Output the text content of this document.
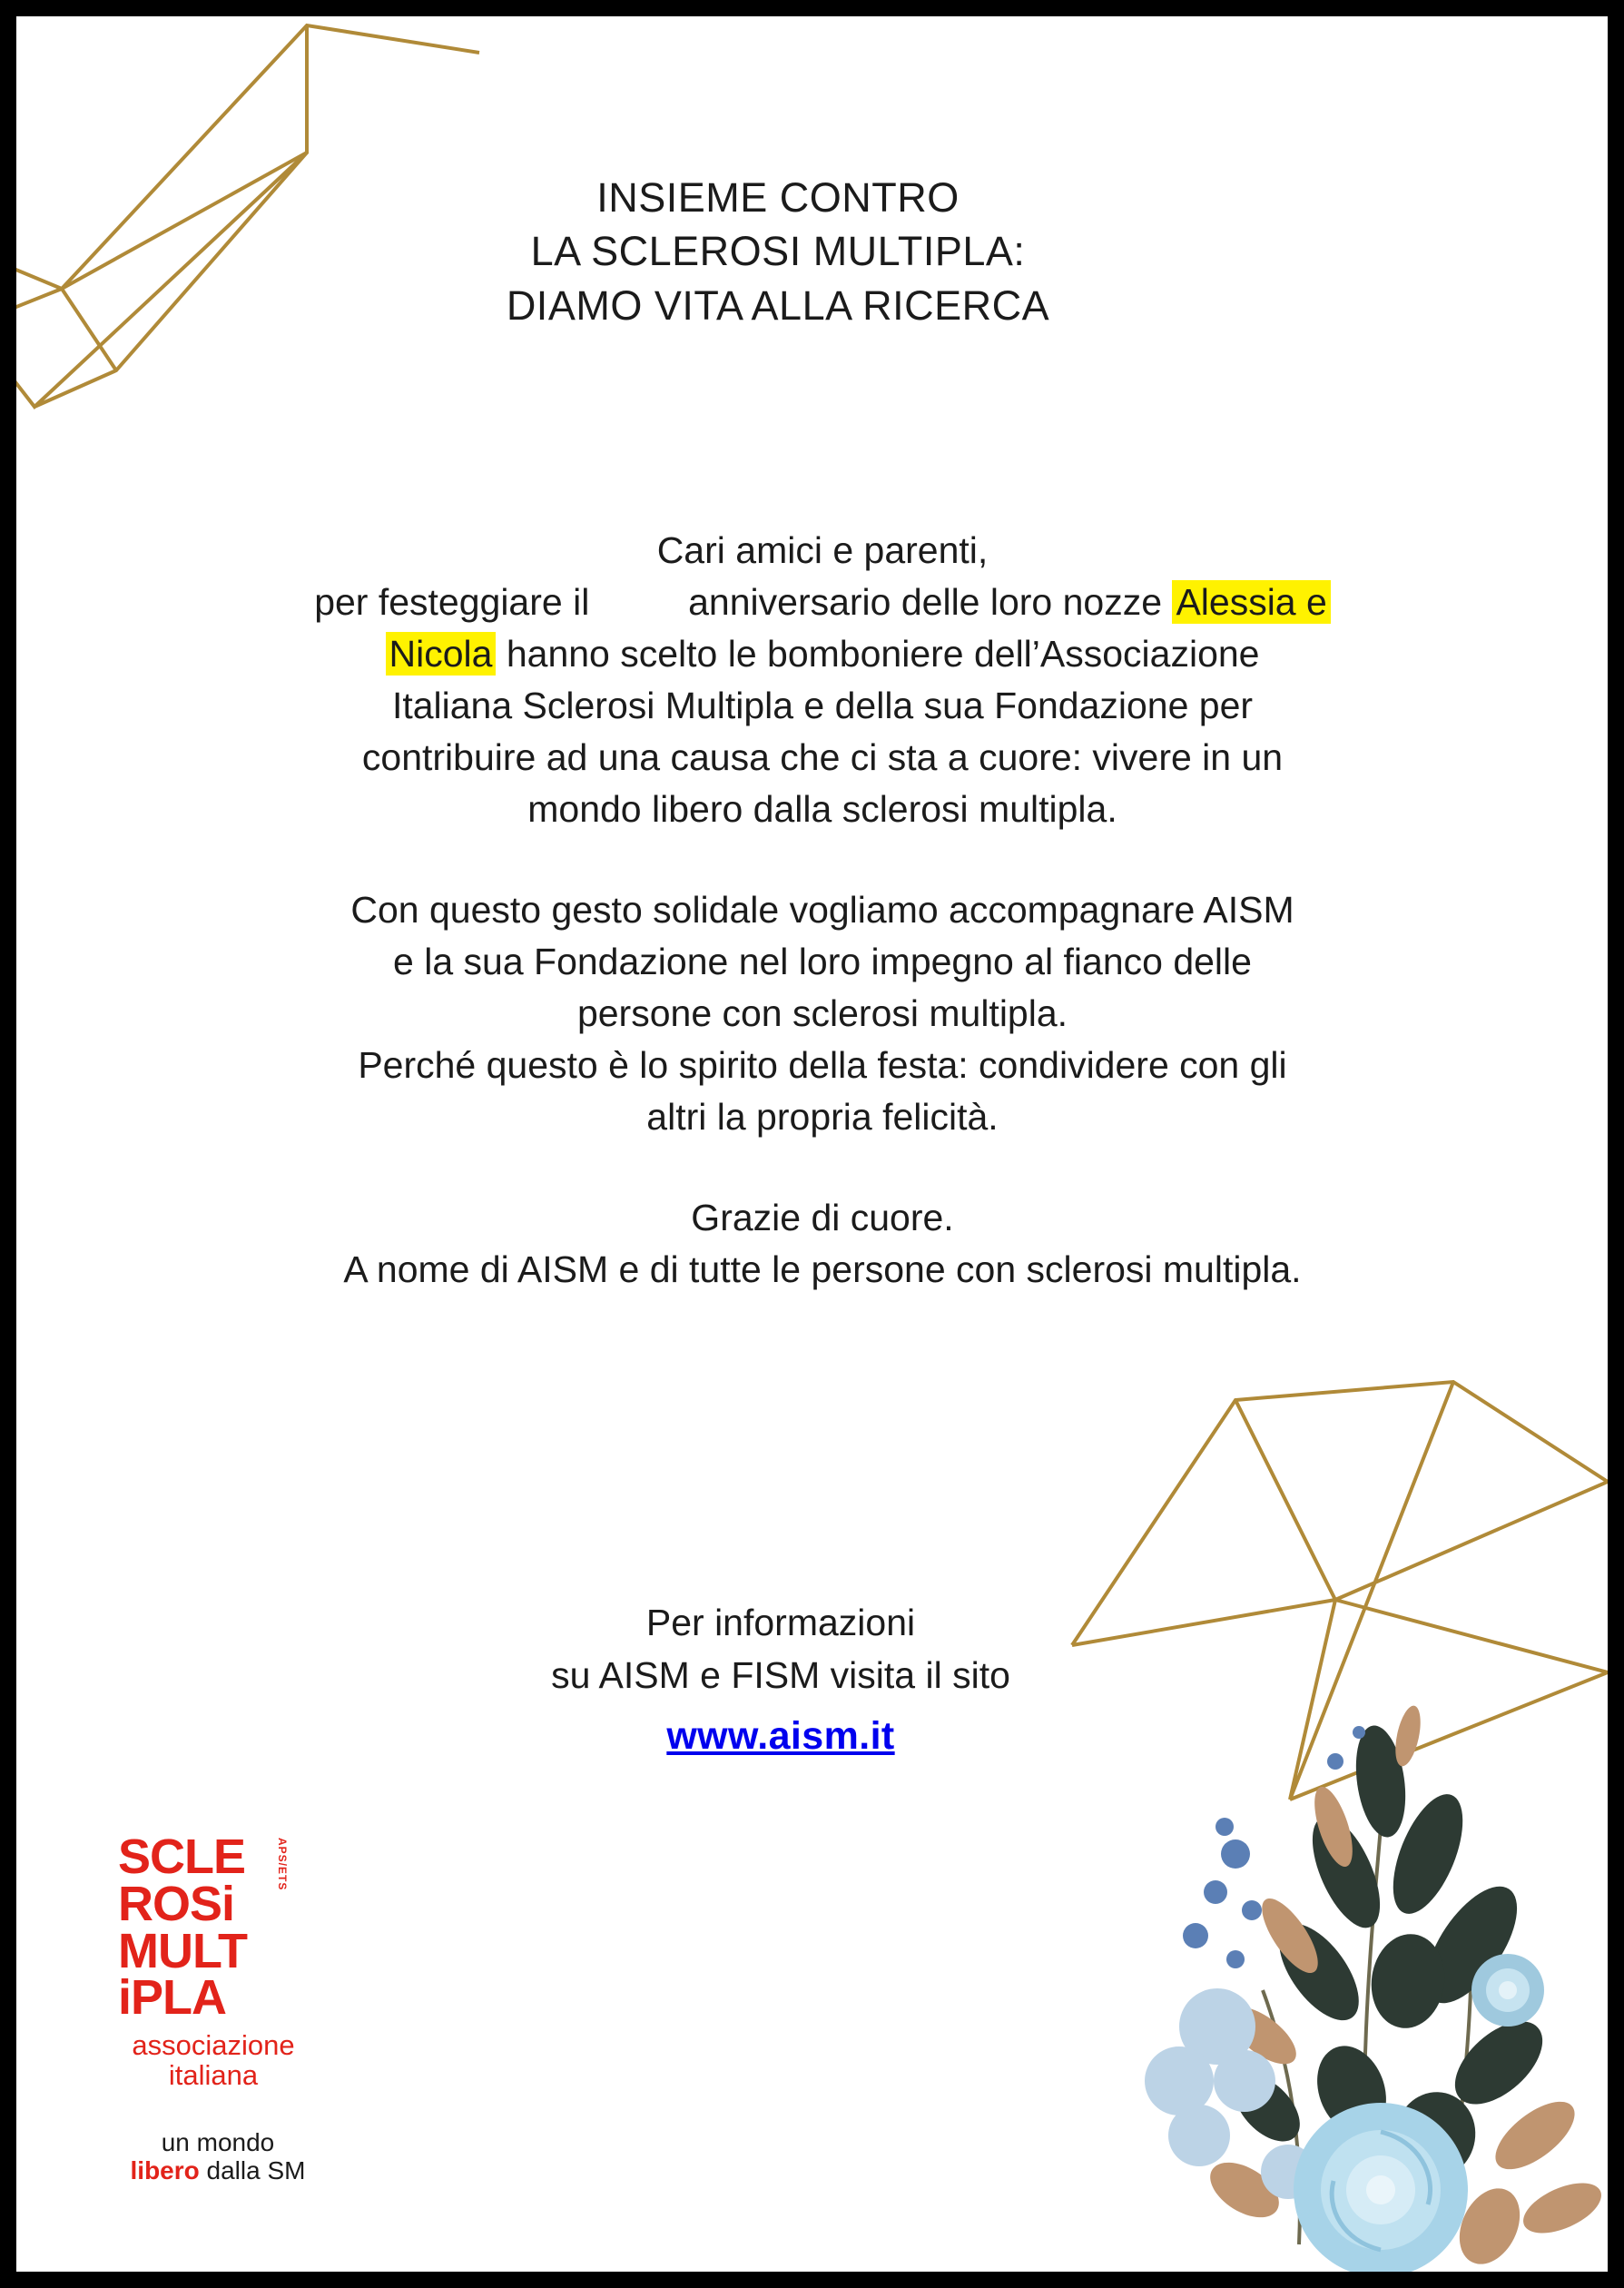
INSIEME CONTRO
LA SCLEROSI MULTIPLA:
DIAMO VITA ALLA RICERCA

Cari amici e parenti,

per festeggiare il	anniversario delle loro nozze Alessia e

Nicola hanno scelto le bomboniere dell’Associazione

Italiana Sclerosi Multipla e della sua Fondazione per

contribuire ad una causa che ci sta a cuore: vivere in un

mondo libero dalla sclerosi multipla.

Con questo gesto solidale vogliamo accompagnare AISM

e la sua Fondazione nel loro impegno al fianco delle

persone con sclerosi multipla.

Perché questo è lo spirito della festa: condividere con gli

altri la propria felicità.

Grazie di cuore.

A nome di AISM e di tutte le persone con sclerosi multipla.

Per informazioni
su AISM e FISM visita il sito
www.aism.it
SCLE
ROSi
MULT
iPLA
APS/ETS
associazione
italiana
un mondo
libero dalla SM
